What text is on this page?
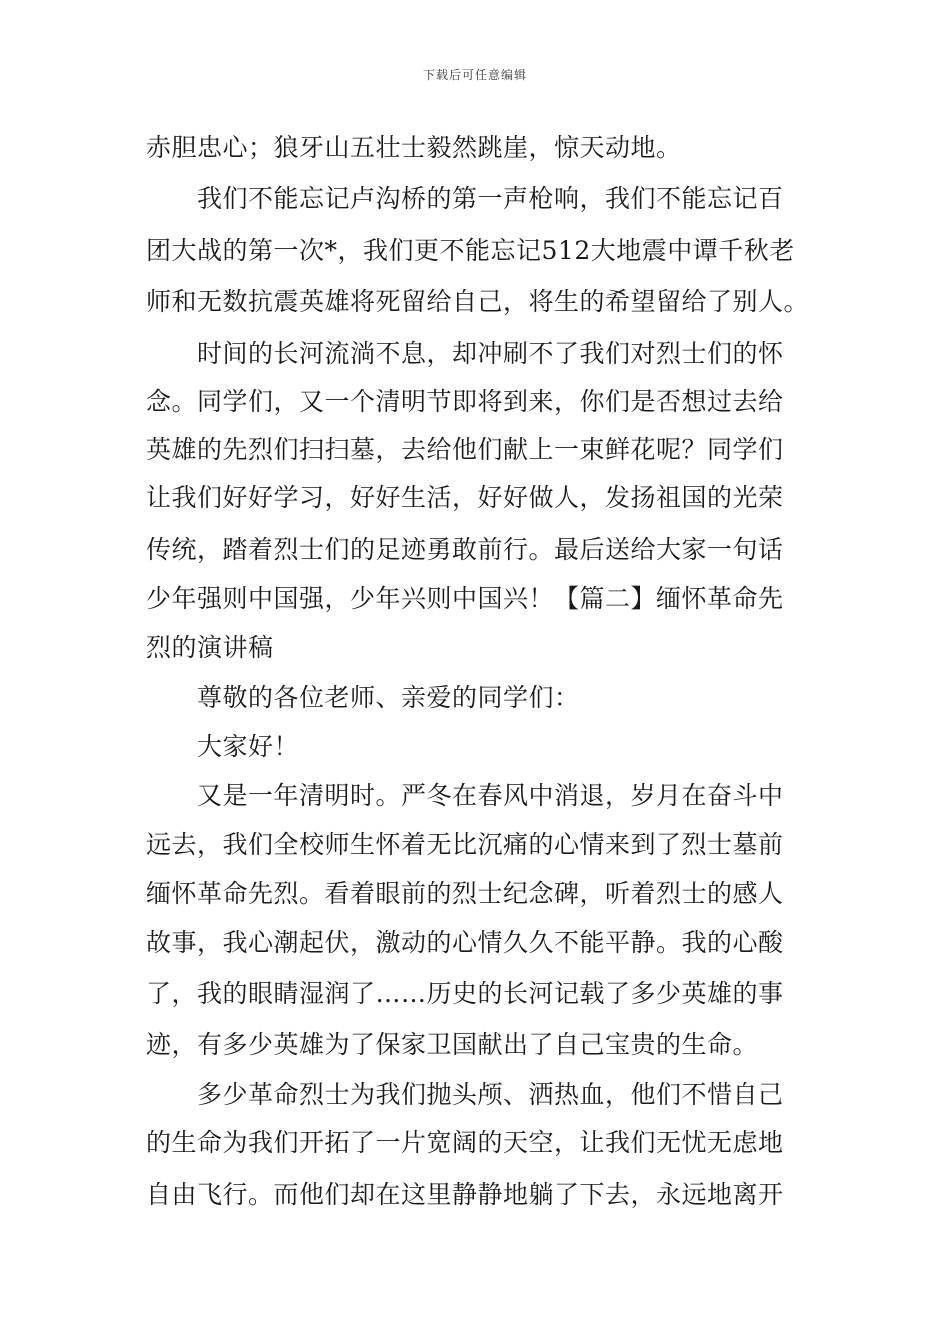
下载后可任意编辑
赤胆忠心；狼牙山五壮士毅然跳崖，惊天动地。
我们不能忘记卢沟桥的第一声枪响，我们不能忘记百
团大战的第一次*，我们更不能忘记512大地震中谭千秋老
师和无数抗震英雄将死留给自己，将生的希望留给了别人。
时间的长河流淌不息，却冲刷不了我们对烈士们的怀
念。同学们，又一个清明节即将到来，你们是否想过去给
英雄的先烈们扫扫墓，去给他们献上一束鲜花呢？同学们
让我们好好学习，好好生活，好好做人，发扬祖国的光荣
传统，踏着烈士们的足迹勇敢前行。最后送给大家一句话
少年强则中国强，少年兴则中国兴！【篇二】缅怀革命先
烈的演讲稿
尊敬的各位老师、亲爱的同学们：
大家好！
又是一年清明时。严冬在春风中消退，岁月在奋斗中
远去，我们全校师生怀着无比沉痛的心情来到了烈士墓前
缅怀革命先烈。看着眼前的烈士纪念碑，听着烈士的感人
故事，我心潮起伏，激动的心情久久不能平静。我的心酸
了，我的眼睛湿润了……历史的长河记载了多少英雄的事
迹，有多少英雄为了保家卫国献出了自己宝贵的生命。
多少革命烈士为我们抛头颅、洒热血，他们不惜自己
的生命为我们开拓了一片宽阔的天空，让我们无忧无虑地
自由飞行。而他们却在这里静静地躺了下去，永远地离开
